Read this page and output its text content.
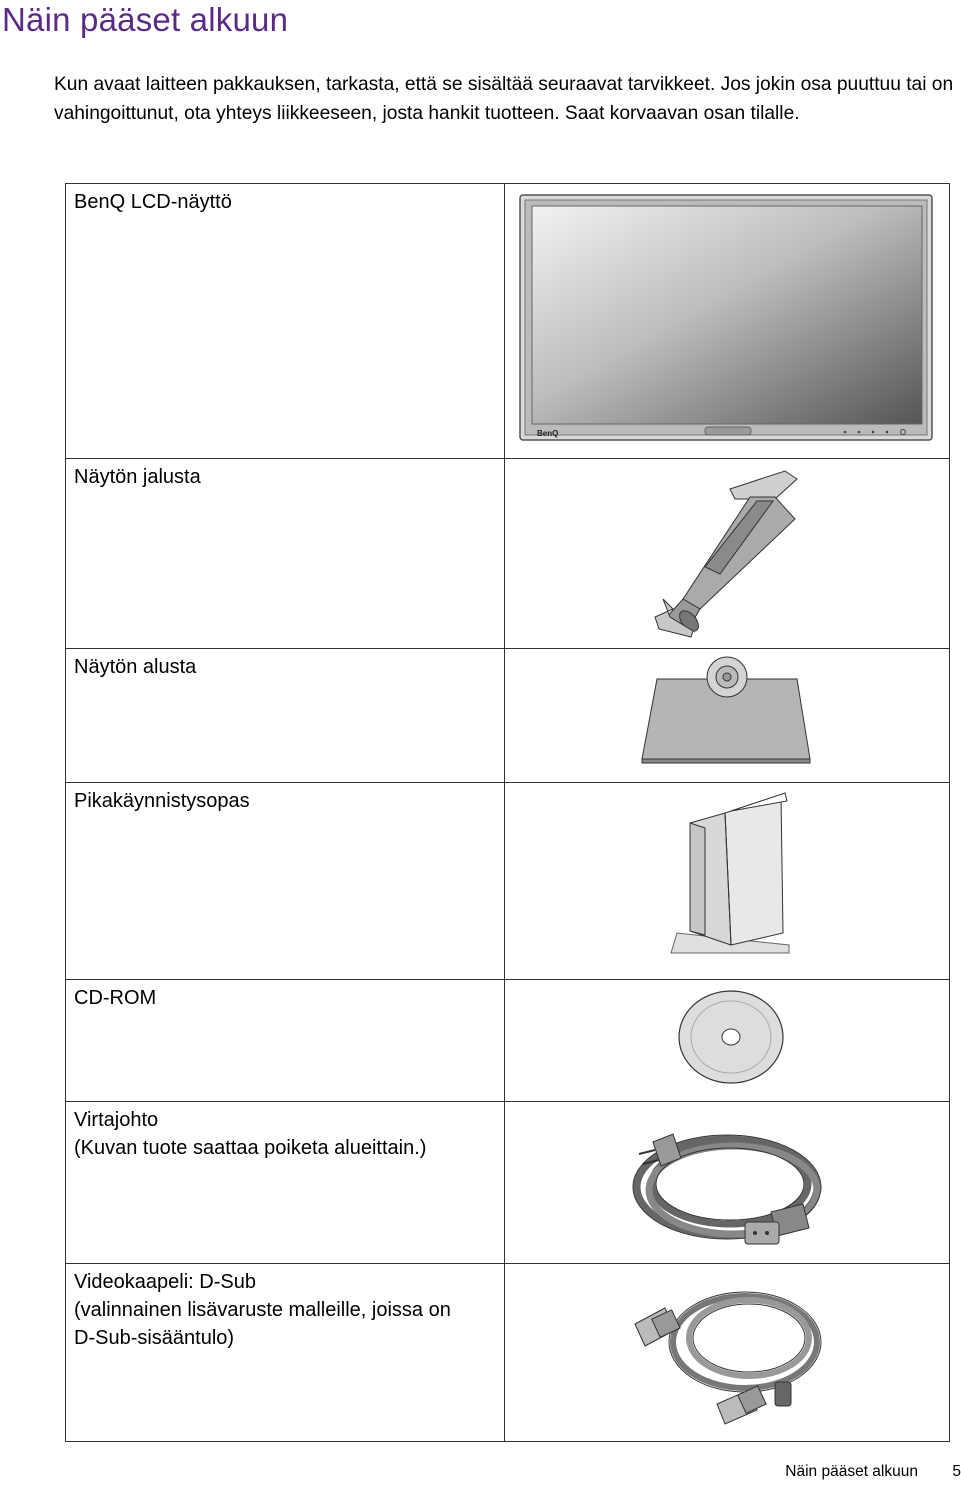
Näin pääset alkuun
Kun avaat laitteen pakkauksen, tarkasta, että se sisältää seuraavat tarvikkeet. Jos jokin osa puuttuu tai on vahingoittunut, ota yhteys liikkeeseen, josta hankit tuotteen. Saat korvaavan osan tilalle.
BenQ LCD-näyttö	BenQ

Näytön jalusta

Näytön alusta

Pikakäynnistysopas

CD-ROM

Virtajohto
(Kuvan tuote saattaa poiketa alueittain.)

Videokaapeli: D-Sub
(valinnainen lisävaruste malleille, joissa on
D-Sub-sisääntulo)

Näin pääset alkuun 5
